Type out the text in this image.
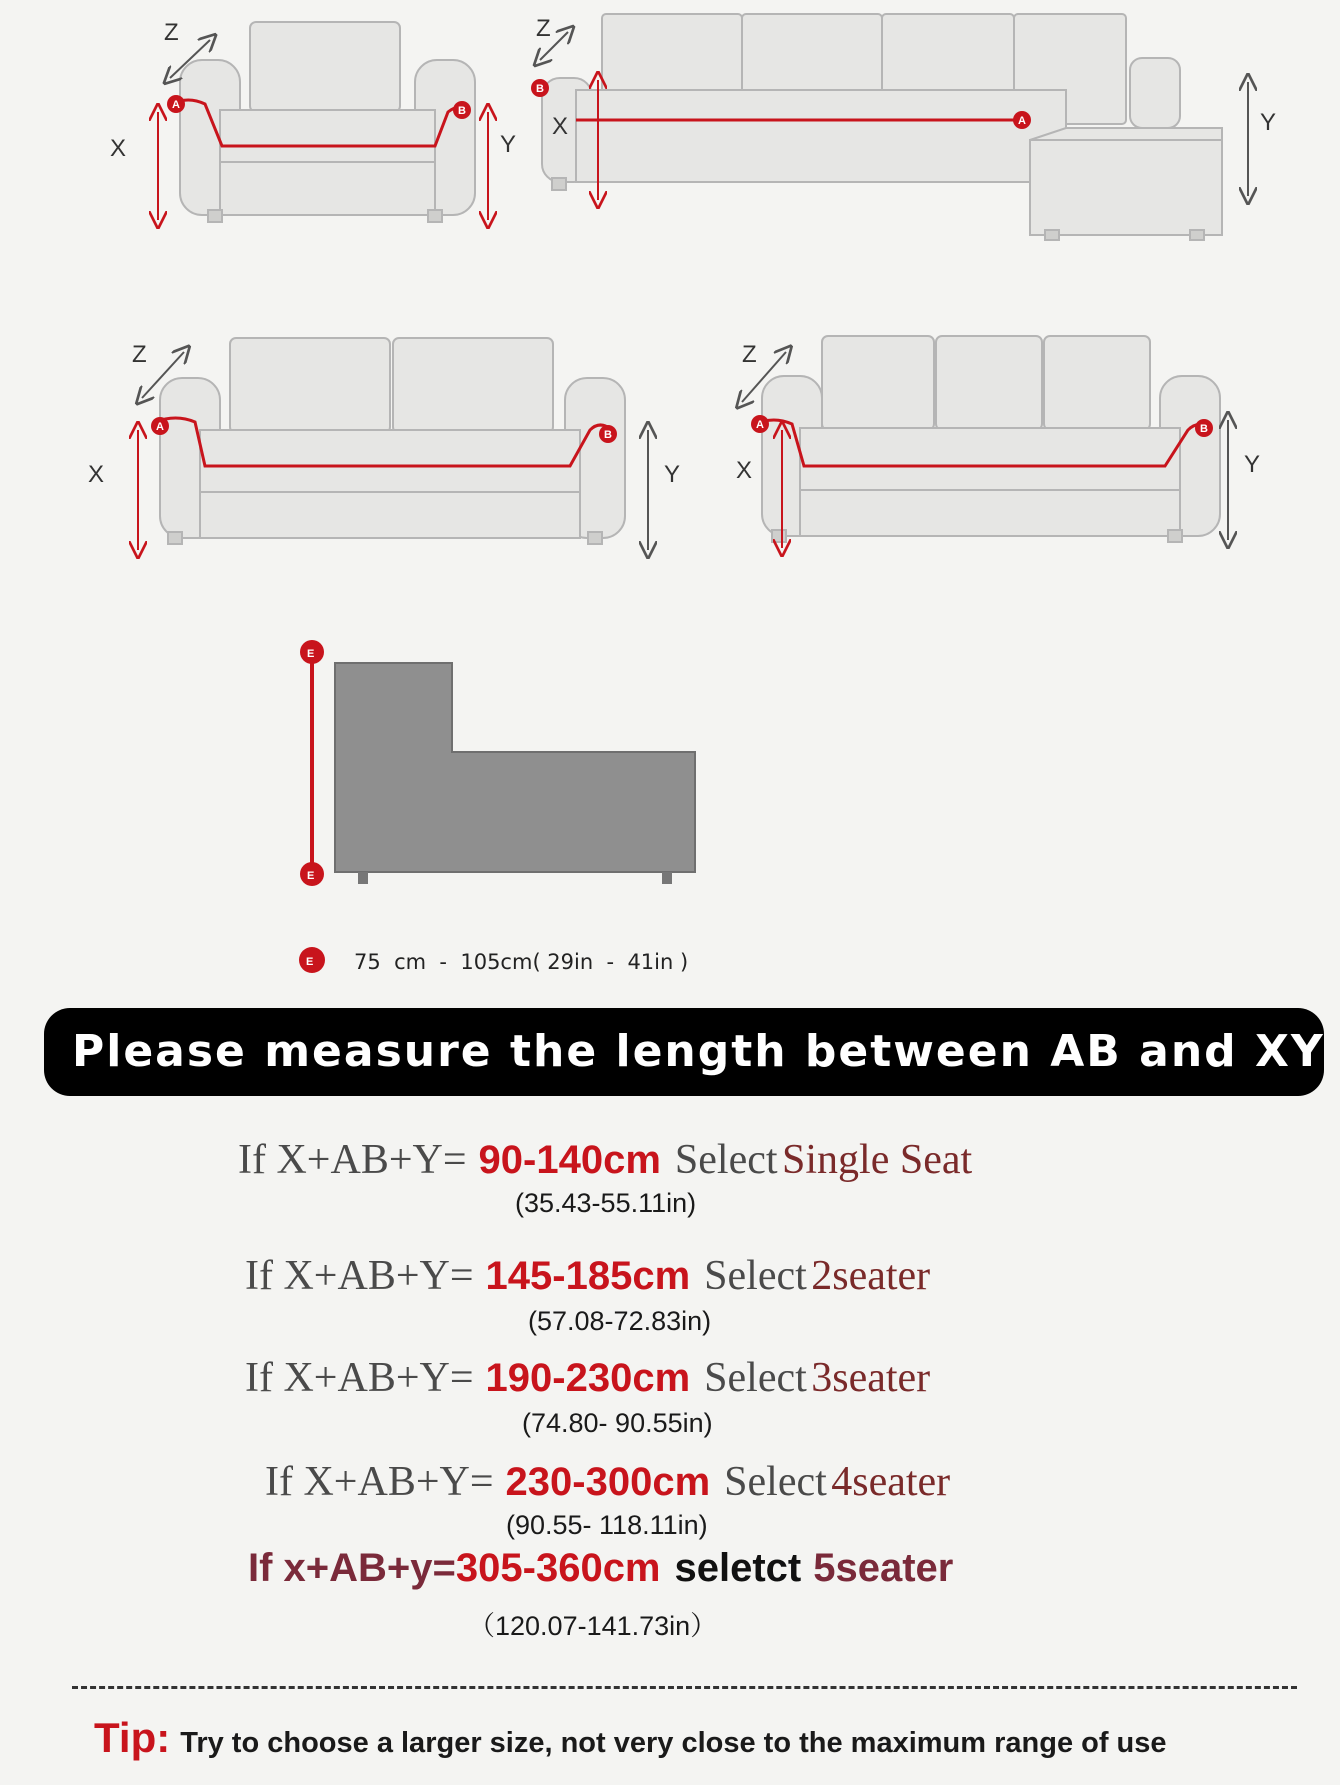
Z
X	Y
A	B
Z
X	Y
B
A
Z
X	Y
A
B
Z
X	Y
A	B
E
E
E 75  cm  -  105cm( 29in  -  41in )
Please measure the length between AB and XY
If X+AB+Y= 90-140cm Select Single Seat
(35.43-55.11in)
If X+AB+Y= 145-185cm Select 2seater
(57.08-72.83in)
If X+AB+Y= 190-230cm Select 3seater
(74.80- 90.55in)
If X+AB+Y= 230-300cm Select 4seater
(90.55- 118.11in)
If x+AB+y=305-360cm seletct 5seater
（120.07-141.73in）
Tip: Try to choose a larger size, not very close to the maximum range of use
